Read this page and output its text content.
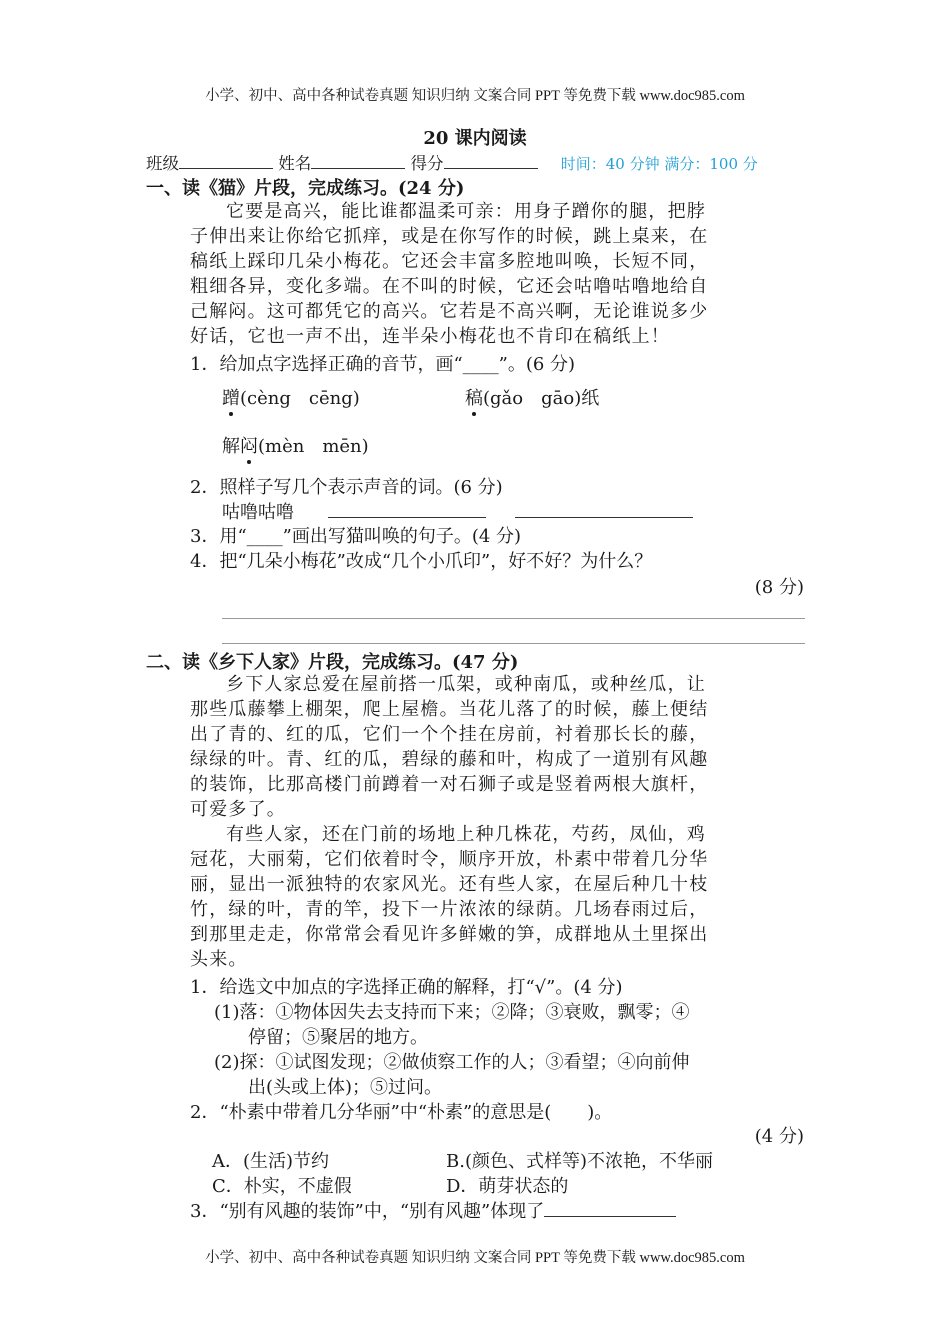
小学、初中、高中各种试卷真题 知识归纳 文案合同 PPT 等免费下载 www.doc985.com
20 课内阅读
班级	姓名	得分	时间：40 分钟 满分：100 分
一、读《猫》片段，完成练习。(24 分)
它要是高兴，能比谁都温柔可亲：用身子蹭你的腿，把脖
子伸出来让你给它抓痒，或是在你写作的时候，跳上桌来，在
稿纸上踩印几朵小梅花。它还会丰富多腔地叫唤，长短不同，
粗细各异，变化多端。在不叫的时候，它还会咕噜咕噜地给自
己解闷。这可都凭它的高兴。它若是不高兴啊，无论谁说多少
好话，它也一声不出，连半朵小梅花也不肯印在稿纸上！
1．给加点字选择正确的音节，画“____”。(6 分)
蹭(cèng　cēng)	稿(gǎo　gāo)纸
解闷(mèn　mēn)
2．照样子写几个表示声音的词。(6 分)
咕噜咕噜
3．用“____”画出写猫叫唤的句子。(4 分)
4．把“几朵小梅花”改成“几个小爪印”，好不好？为什么？
(8 分)
二、读《乡下人家》片段，完成练习。(47 分)
乡下人家总爱在屋前搭一瓜架，或种南瓜，或种丝瓜，让
那些瓜藤攀上棚架，爬上屋檐。当花儿落了的时候，藤上便结
出了青的、红的瓜，它们一个个挂在房前，衬着那长长的藤，
绿绿的叶。青、红的瓜，碧绿的藤和叶，构成了一道别有风趣
的装饰，比那高楼门前蹲着一对石狮子或是竖着两根大旗杆，
可爱多了。
有些人家，还在门前的场地上种几株花，芍药，凤仙，鸡
冠花，大丽菊，它们依着时令，顺序开放，朴素中带着几分华
丽，显出一派独特的农家风光。还有些人家，在屋后种几十枝
竹，绿的叶，青的竿，投下一片浓浓的绿荫。几场春雨过后，
到那里走走，你常常会看见许多鲜嫩的笋，成群地从土里探出
头来。
1．给选文中加点的字选择正确的解释，打“√”。(4 分)
(1)落：①物体因失去支持而下来；②降；③衰败，飘零；④
停留；⑤聚居的地方。
(2)探：①试图发现；②做侦察工作的人；③看望；④向前伸
出(头或上体)；⑤过问。
2．“朴素中带着几分华丽”中“朴素”的意思是(　　)。
(4 分)
A．(生活)节约	B.(颜色、式样等)不浓艳，不华丽
C．朴实，不虚假	D．萌芽状态的
3．“别有风趣的装饰”中，“别有风趣”体现了
小学、初中、高中各种试卷真题 知识归纳 文案合同 PPT 等免费下载 www.doc985.com
